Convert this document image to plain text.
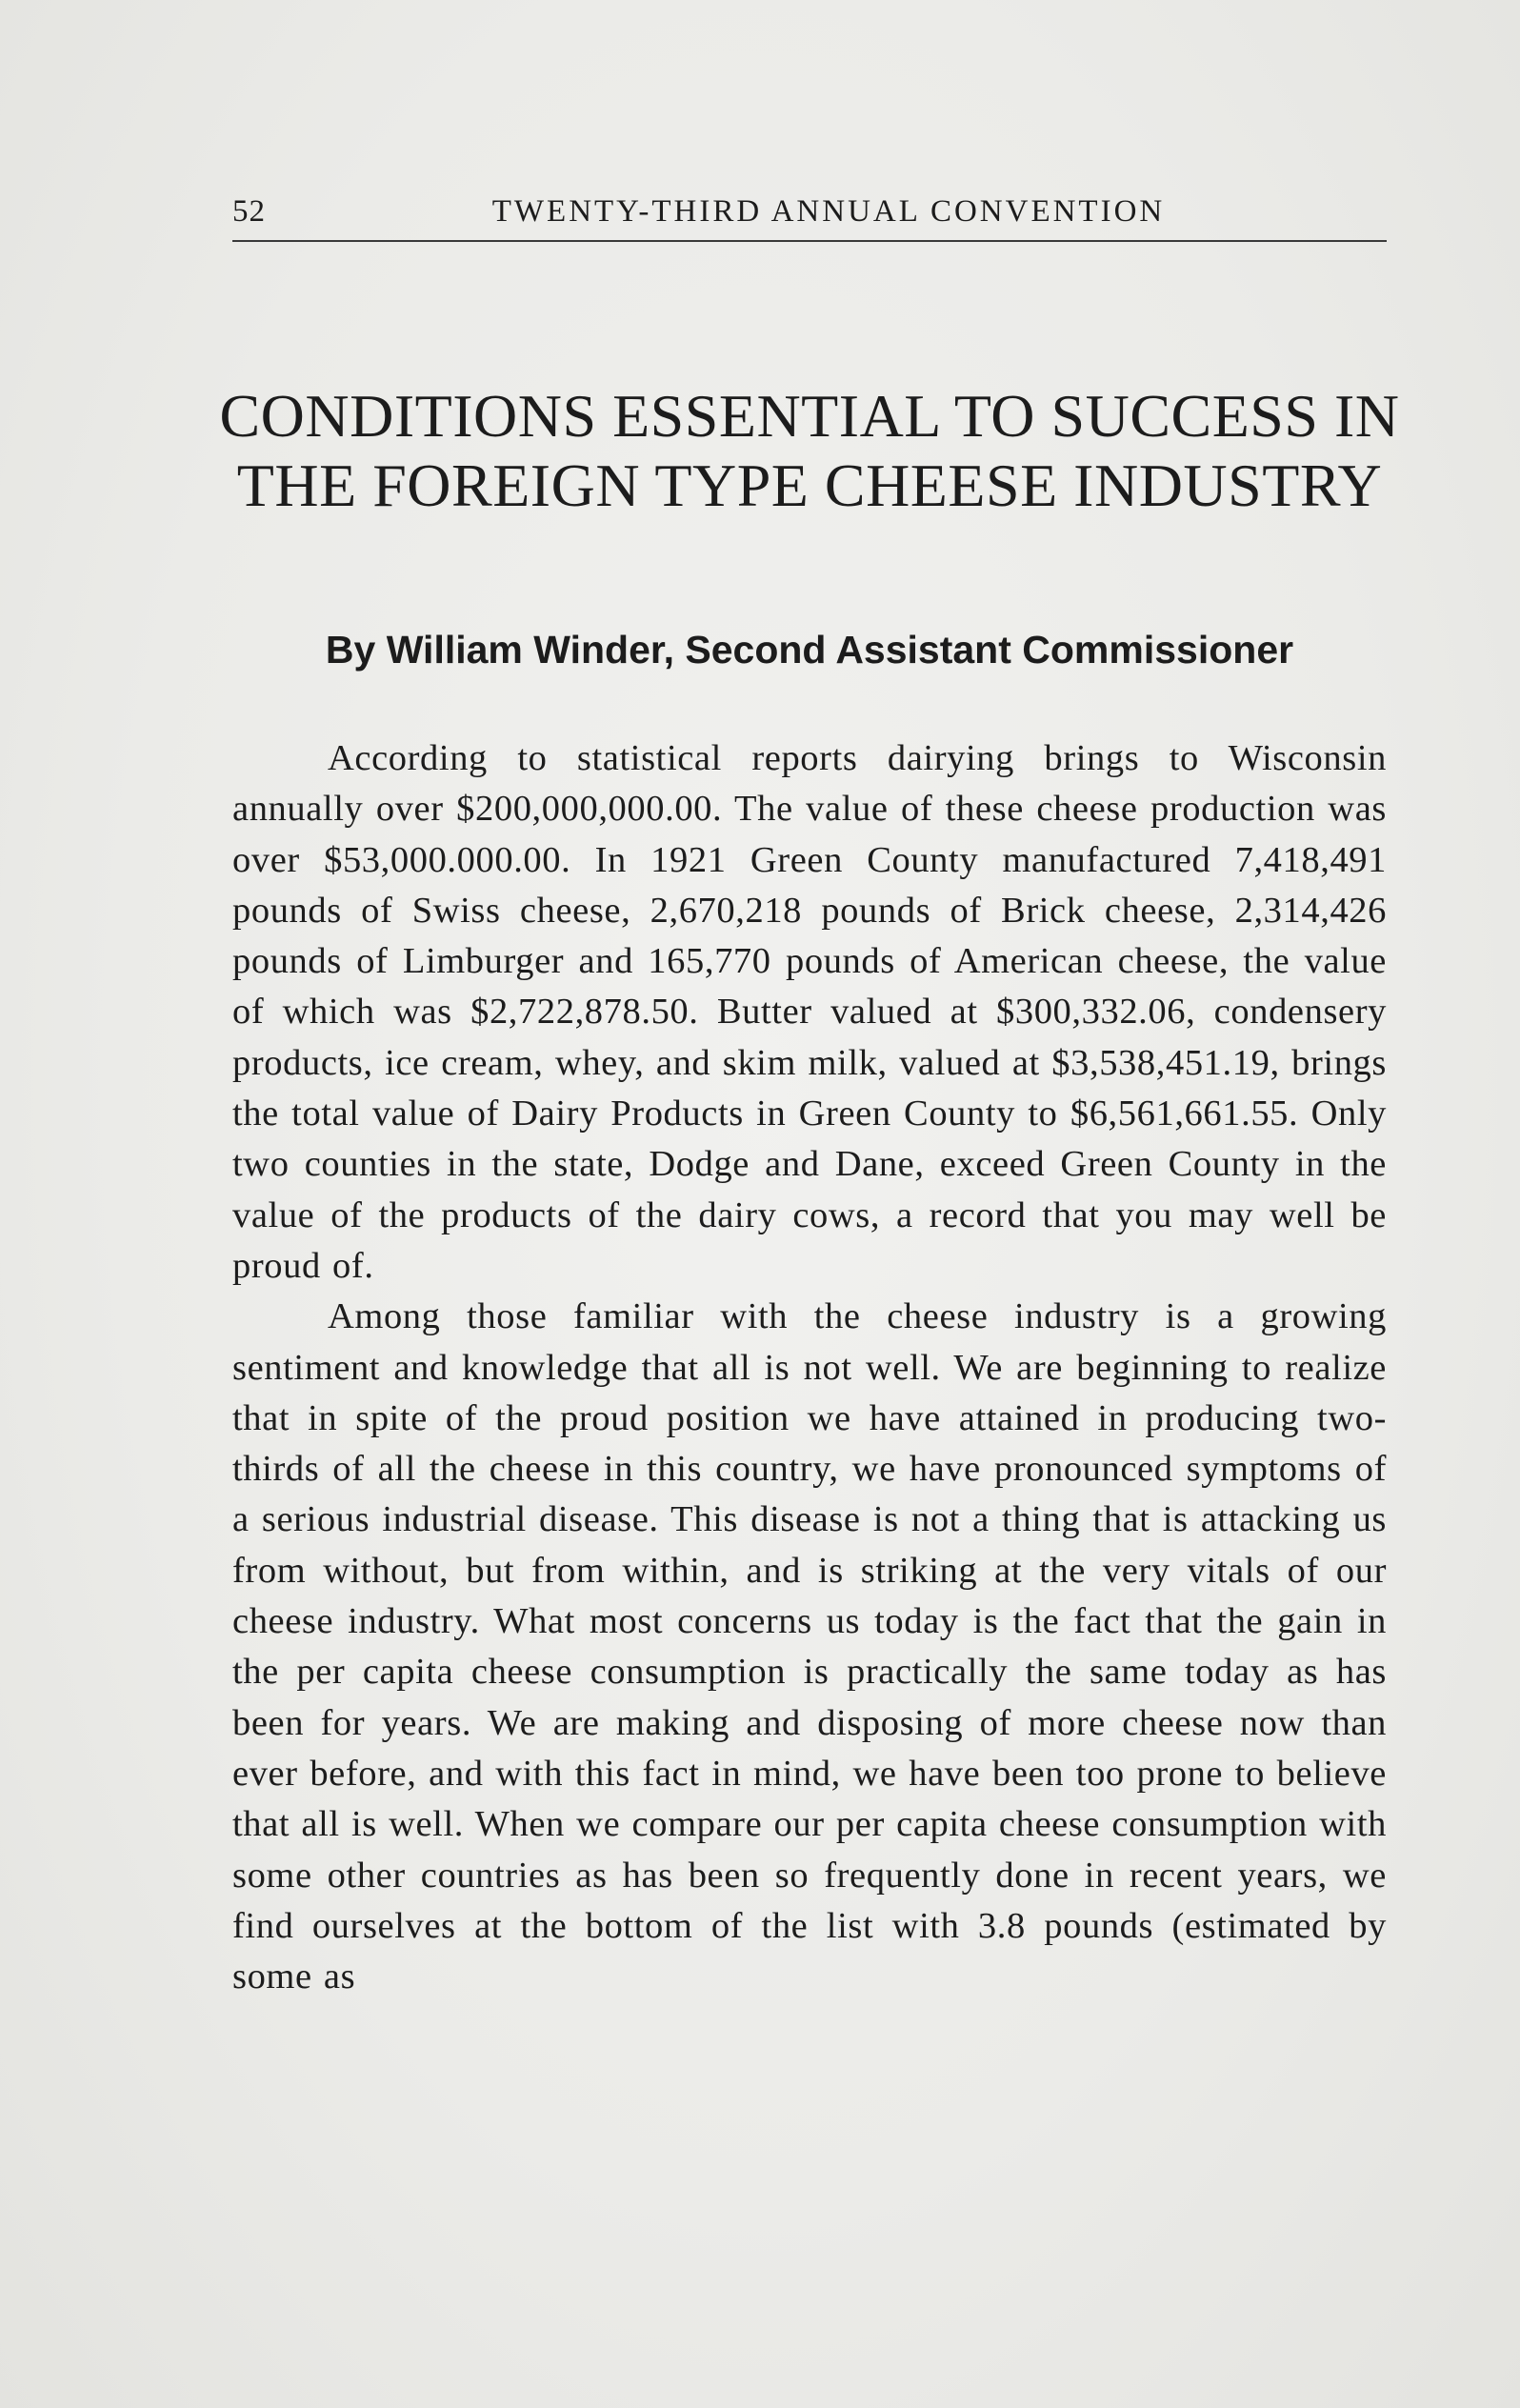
52	TWENTY-THIRD ANNUAL CONVENTION
CONDITIONS ESSENTIAL TO SUCCESS IN THE FOREIGN TYPE CHEESE INDUSTRY
By William Winder, Second Assistant Commissioner

According to statistical reports dairying brings to Wisconsin annually over $200,000,000.00. The value of these cheese production was over $53,000.000.00. In 1921 Green County manufactured 7,418,491 pounds of Swiss cheese, 2,670,218 pounds of Brick cheese, 2,314,426 pounds of Limburger and 165,770 pounds of American cheese, the value of which was $2,722,878.50. Butter valued at $300,332.06, condensery products, ice cream, whey, and skim milk, valued at $3,538,451.19, brings the total value of Dairy Products in Green County to $6,561,661.55. Only two counties in the state, Dodge and Dane, exceed Green County in the value of the products of the dairy cows, a record that you may well be proud of.

Among those familiar with the cheese industry is a growing sentiment and knowledge that all is not well. We are beginning to realize that in spite of the proud position we have attained in producing two-thirds of all the cheese in this country, we have pronounced symptoms of a serious industrial disease. This disease is not a thing that is attacking us from without, but from within, and is striking at the very vitals of our cheese industry. What most concerns us today is the fact that the gain in the per capita cheese consumption is practically the same today as has been for years. We are making and disposing of more cheese now than ever before, and with this fact in mind, we have been too prone to believe that all is well. When we compare our per capita cheese consumption with some other countries as has been so frequently done in recent years, we find ourselves at the bottom of the list with 3.8 pounds (estimated by some as
